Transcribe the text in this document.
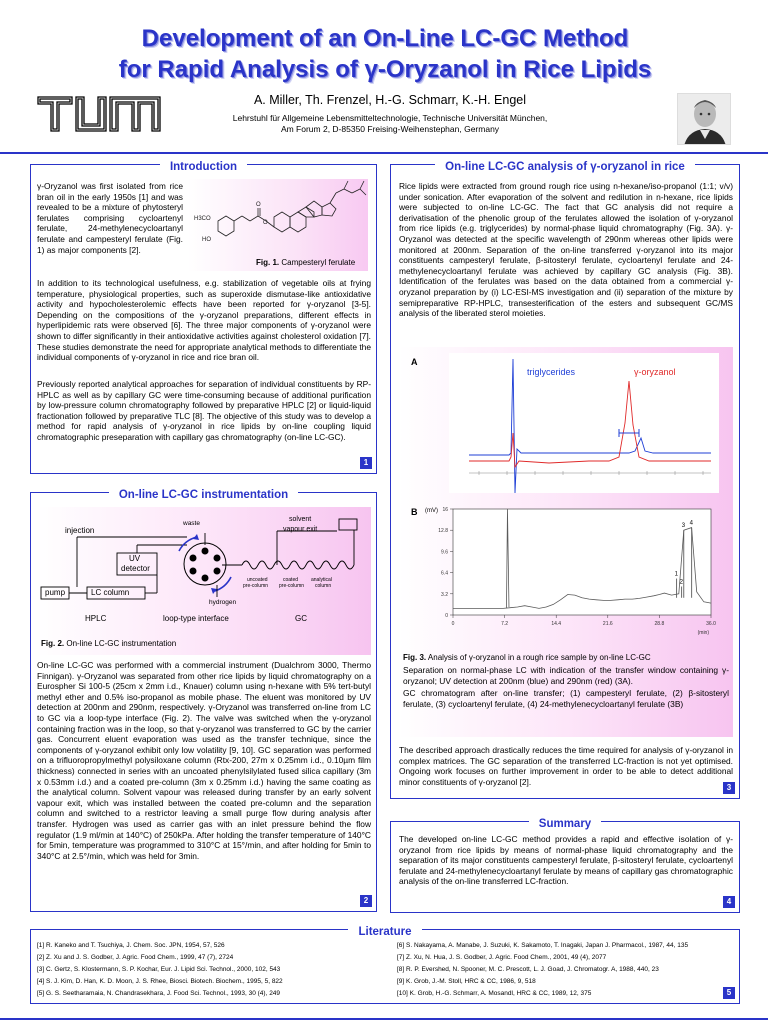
Development of an On-Line LC-GC Method
for Rapid Analysis of γ-Oryzanol in Rice Lipids
A. Miller, Th. Frenzel, H.-G. Schmarr, K.-H. Engel
Lehrstuhl für Allgemeine Lebensmitteltechnologie, Technische Universität München,
Am Forum 2, D-85350 Freising-Weihenstephan, Germany
Introduction
γ-Oryzanol was first isolated from rice bran oil in the early 1950s [1] and was revealed to be a mixture of phytosteryl ferulates comprising cycloartenyl ferulate, 24-methylenecycloartanyl ferulate and campesteryl ferulate (Fig. 1) as major components [2].
O
O
H3CO
HO
Fig. 1. Campesteryl ferulate
In addition to its technological usefulness, e.g. stabilization of vegetable oils at frying temperature, physiological properties, such as superoxide dismutase-like antioxidative activity and hypocholesterolemic effects have been reported for γ-oryzanol [3-5]. Depending on the compositions of the γ-oryzanol preparations, different effects in hyperlipidemic rats were observed [6]. The three major components of γ-oryzanol were shown to differ significantly in their antioxidative activities against cholesterol oxidation [7]. These studies demonstrate the need for appropriate analytical methods to differentiate the individual components of γ-oryzanol in rice and rice bran oil.
Previously reported analytical approaches for separation of individual constituents by RP-HPLC as well as by capillary GC were time-consuming because of additional purification by low-pressure column chromatography followed by preparative HPLC [2] or liquid-liquid fractionation followed by preparative TLC [8]. The objective of this study was to develop a method for rapid analysis of γ-oryzanol in rice lipids by on-line coupling liquid chromatographic preseparation with capillary gas chromatography (on-line LC-GC).
1
On-line LC-GC instrumentation
injection
waste
solvent
vapour exit
UV
detector
pump	LC column
hydrogen
HPLC	loop-type interface	GC
uncoated
pre-column
coated
pre-column
analytical
column
Fig. 2. On-line LC-GC instrumentation
On-line LC-GC was performed with a commercial instrument (Dualchrom 3000, Thermo Finnigan). γ-Oryzanol was separated from other rice lipids by liquid chromatography on a Eurospher Si 100-5 (25cm x 2mm i.d., Knauer) column using n-hexane with 5% tert-butyl methyl ether and 0.5% iso-propanol as mobile phase. The eluent was monitored by UV detection at 200nm and 290nm, respectively. γ-Oryzanol was transferred on-line from LC to GC via a loop-type interface (Fig. 2). The valve was switched when the γ-oryzanol containing fraction was in the loop, so that γ-oryzanol was transferred to GC by the carrier gas. Concurrent eluent evaporation was used as the transfer technique, since the components of γ-oryzanol exhibit only low volatility [9, 10]. GC separation was performed on a trifluoropropylmethyl polysiloxane column (Rtx-200, 27m x 0.25mm i.d., 0.10µm film thickness) connected in series with an uncoated phenylsilylated fused silica capillary (3m x 0.53mm i.d.) and a coated pre-column (3m x 0.25mm i.d.) having the same coating as the analytical column. Solvent vapour was released during transfer by an early solvent vapour exit, which was installed between the coated pre-column and the separation column and switched to a restrictor leaving a small purge flow during analysis after transfer. Hydrogen was used as carrier gas with an inlet pressure behind the flow regulator (1.9 ml/min at 140°C) of 250kPa. After holding the transfer temperature of 140°C for 5min, temperature was programmed to 310°C at 15°/min, and after holding for 5min to 340°C at 2.5°/min, which was held for 3min.
2
On-line LC-GC analysis of γ-oryzanol in rice
Rice lipids were extracted from ground rough rice using n-hexane/iso-propanol (1:1; v/v) under sonication. After evaporation of the solvent and redilution in n-hexane, rice lipids were subjected to on-line LC-GC. The fact that GC analysis did not require a derivatisation of the phenolic group of the ferulates allowed the isolation of γ-oryzanol from rice lipids (e.g. triglycerides) by normal-phase liquid chromatography (Fig. 3A). γ-Oryzanol was detected at the specific wavelength of 290nm whereas other lipids were monitored at 200nm. Separation of the on-line transferred γ-oryzanol into its major constituents campesteryl ferulate, β-sitosteryl ferulate, cycloartenyl ferulate and 24-methylenecycloartanyl ferulate was achieved by capillary GC analysis (Fig. 3B). Identification of the ferulates was based on the data obtained from a commercial γ-oryzanol preparation by (i) LC-ESI-MS investigation and (ii) separation of the mixture by semipreparative RP-HPLC, transesterification of the esters and subsequent GC/MS analysis of the liberated sterol moieties.
A
triglycerides	γ-oryzanol
B (mV) 16
12.8
9.6
6.4
3.2
0
0	7.2	14.4	21.6	28.8	36.0
(min)
1
2
3 4
Fig. 3. Analysis of γ-oryzanol in a rough rice sample by on-line LC-GC
Separation on normal-phase LC with indication of the transfer window containing γ-oryzanol; UV detection at 200nm (blue) and 290nm (red) (3A).
GC chromatogram after on-line transfer; (1) campesteryl ferulate, (2) β-sitosteryl ferulate, (3) cycloartenyl ferulate, (4) 24-methylenecycloartanyl ferulate (3B)
The described approach drastically reduces the time required for analysis of γ-oryzanol in complex matrices. The GC separation of the transferred LC-fraction is not yet optimised. Ongoing work focuses on further improvement in order to be able to detect additional minor constituents of γ-oryzanol [2].
3
Summary
The developed on-line LC-GC method provides a rapid and effective isolation of γ-oryzanol from rice lipids by means of normal-phase liquid chromatography and the separation of its major constituents campesteryl ferulate, β-sitosteryl ferulate, cycloartenyl ferulate and 24-methylenecycloartanyl ferulate by means of capillary gas chromatographic analysis of the on-line transferred LC-fraction.
4
Literature
[1] R. Kaneko and T. Tsuchiya, J. Chem. Soc. JPN, 1954, 57, 526
[2] Z. Xu and J. S. Godber, J. Agric. Food Chem., 1999, 47 (7), 2724
[3] C. Gertz, S. Klostermann, S. P. Kochar, Eur. J. Lipid Sci. Technol., 2000, 102, 543
[4] S. J. Kim, D. Han, K. D. Moon, J. S. Rhee, Biosci. Biotech. Biochem., 1995, 5, 822
[5] G. S. Seetharamaia, N. Chandrasekhara, J. Food Sci. Technol., 1993, 30 (4), 249
[6] S. Nakayama, A. Manabe, J. Suzuki, K. Sakamoto, T. Inagaki, Japan J. Pharmacol., 1987, 44, 135
[7] Z. Xu, N. Hua, J. S. Godber, J. Agric. Food Chem., 2001, 49 (4), 2077
[8] R. P. Evershed, N. Spooner, M. C. Prescott, L. J. Goad, J. Chromatogr. A, 1988, 440, 23
[9] K. Grob, J.-M. Stoll, HRC & CC, 1986, 9, 518
[10] K. Grob, H.-G. Schmarr, A. Mosandl, HRC & CC, 1989, 12, 375	5
